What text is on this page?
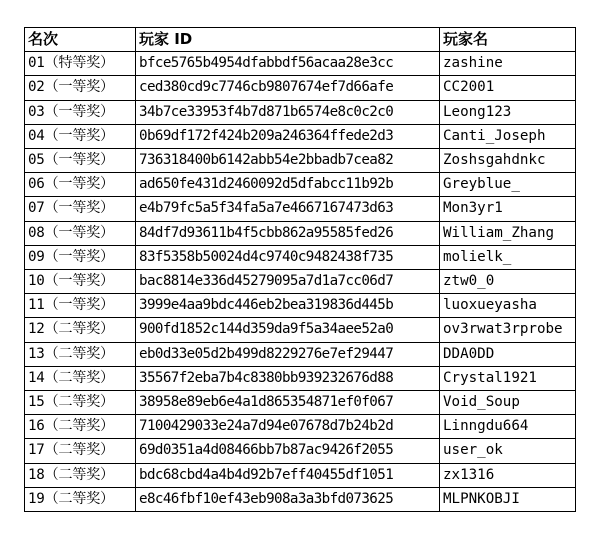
名次	玩家 ID	玩家名
01（特等奖）	bfce5765b4954dfabbdf56acaa28e3cc	zashine
02（一等奖）	ced380cd9c7746cb9807674ef7d66afe	CC2001
03（一等奖）	34b7ce33953f4b7d871b6574e8c0c2c0	Leong123
04（一等奖）	0b69df172f424b209a246364ffede2d3	Canti_Joseph
05（一等奖）	736318400b6142abb54e2bbadb7cea82	Zoshsgahdnkc
06（一等奖）	ad650fe431d2460092d5dfabcc11b92b	Greyblue_
07（一等奖）	e4b79fc5a5f34fa5a7e4667167473d63	Mon3yr1
08（一等奖）	84df7d93611b4f5cbb862a95585fed26	William_Zhang
09（一等奖）	83f5358b50024d4c9740c9482438f735	molielk_
10（一等奖）	bac8814e336d45279095a7d1a7cc06d7	ztw0_0
11（一等奖）	3999e4aa9bdc446eb2bea319836d445b	luoxueyasha
12（二等奖）	900fd1852c144d359da9f5a34aee52a0	ov3rwat3rprobe
13（二等奖）	eb0d33e05d2b499d8229276e7ef29447	DDA0DD
14（二等奖）	35567f2eba7b4c8380bb939232676d88	Crystal1921
15（二等奖）	38958e89eb6e4a1d865354871ef0f067	Void_Soup
16（二等奖）	7100429033e24a7d94e07678d7b24b2d	Linngdu664
17（二等奖）	69d0351a4d08466bb7b87ac9426f2055	user_ok
18（二等奖）	bdc68cbd4a4b4d92b7eff40455df1051	zx1316
19（二等奖）	e8c46fbf10ef43eb908a3a3bfd073625	MLPNKOBJI
